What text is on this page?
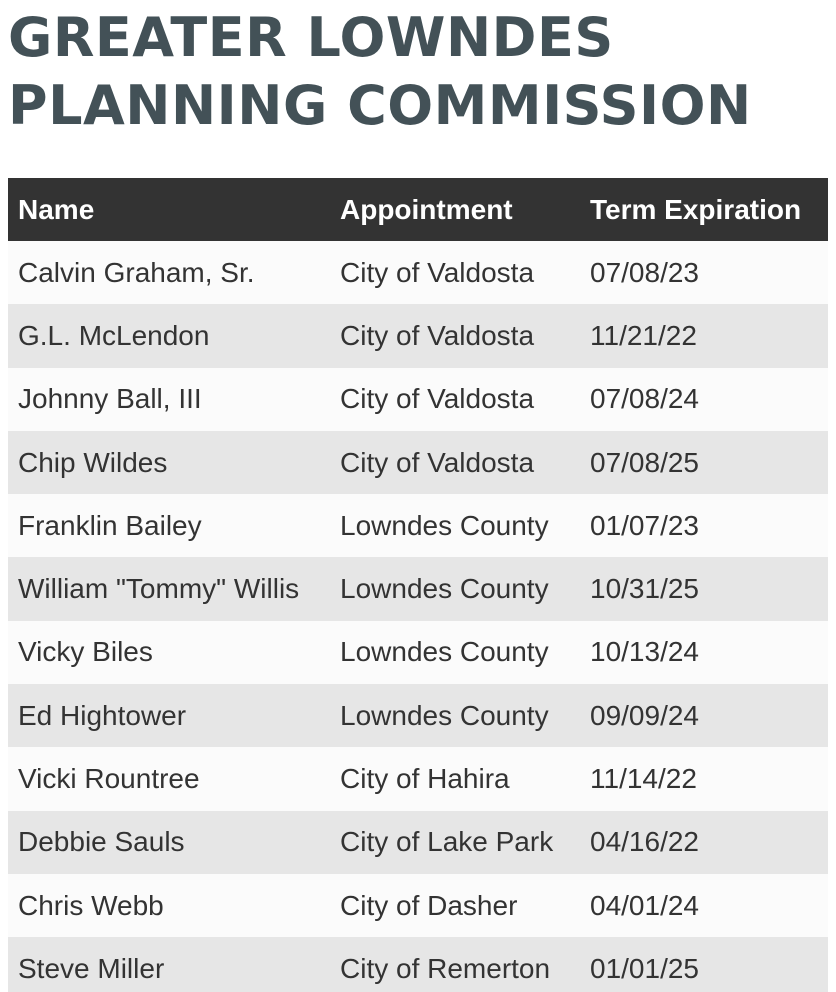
GREATER LOWNDES
PLANNING COMMISSION
Name	Appointment	Term Expiration
Calvin Graham, Sr.	City of Valdosta	07/08/23
G.L. McLendon	City of Valdosta	11/21/22
Johnny Ball, III	City of Valdosta	07/08/24
Chip Wildes	City of Valdosta	07/08/25
Franklin Bailey	Lowndes County	01/07/23
William "Tommy" Willis	Lowndes County	10/31/25
Vicky Biles	Lowndes County	10/13/24
Ed Hightower	Lowndes County	09/09/24
Vicki Rountree	City of Hahira	11/14/22
Debbie Sauls	City of Lake Park	04/16/22
Chris Webb	City of Dasher	04/01/24
Steve Miller	City of Remerton	01/01/25
